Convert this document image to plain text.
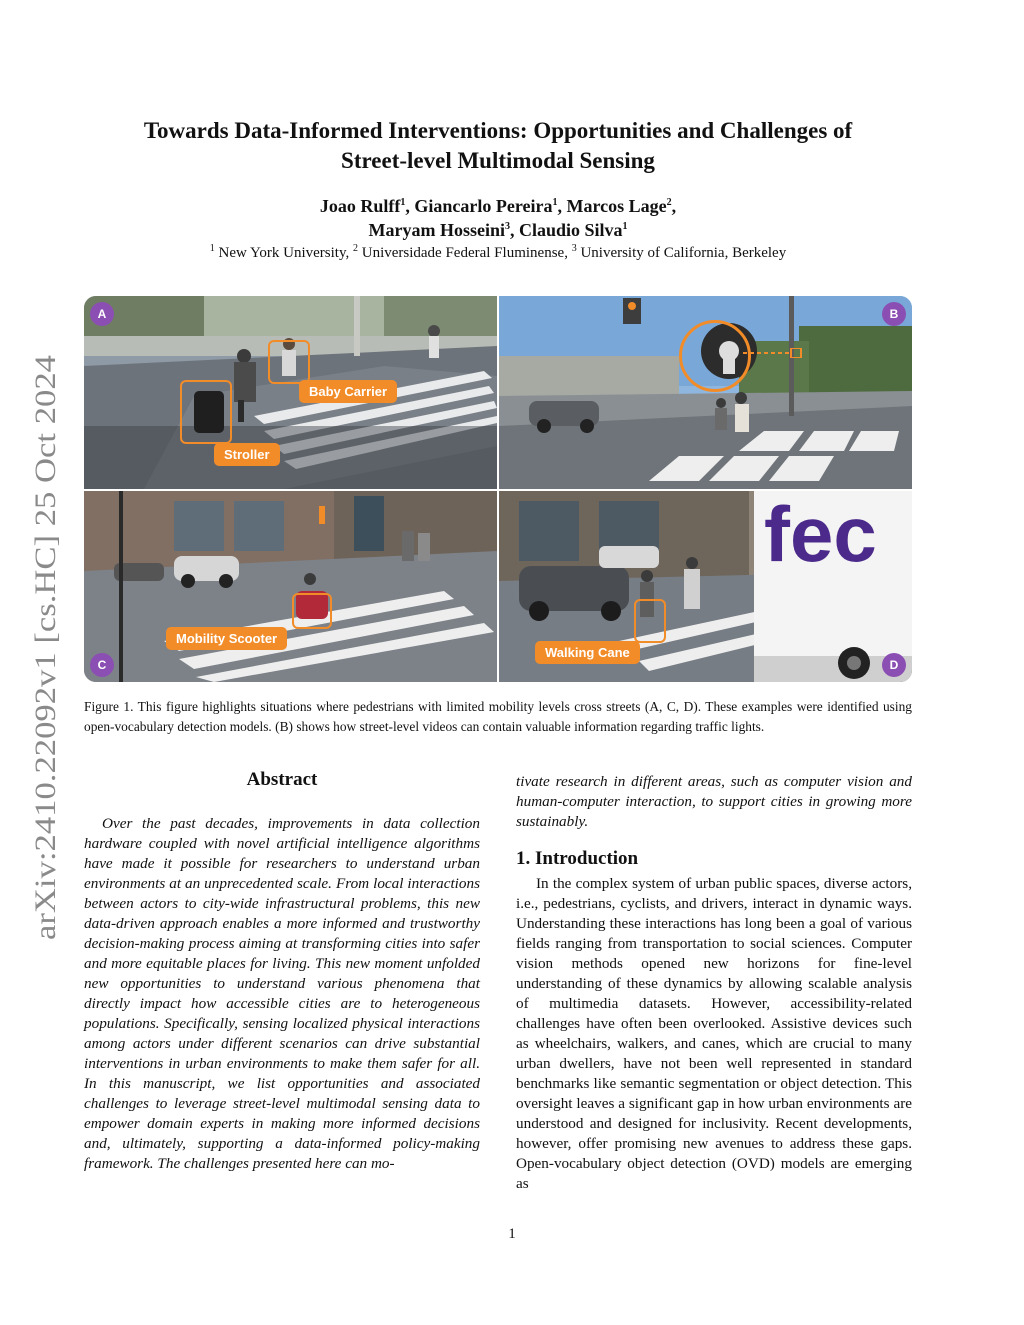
arXiv:2410.22092v1 [cs.HC] 25 Oct 2024
Towards Data-Informed Interventions: Opportunities and Challenges of
Street-level Multimodal Sensing
Joao Rulff$^1$, Giancarlo Pereira$^1$, Marcos Lage$^2$,
Maryam Hosseini$^3$, Claudio Silva$^1$
$^1$ New York University, $^2$ Universidade Federal Fluminense, $^3$ University of California, Berkeley
A
Baby Carrier
Stroller
B
Mobility Scooter
C
fec
Walking Cane
D

Figure 1. This figure highlights situations where pedestrians with limited mobility levels cross streets (A, C, D). These examples were identified using open-vocabulary detection models. (B) shows how street-level videos can contain valuable information regarding traffic lights.

Abstract

Over the past decades, improvements in data collection hardware coupled with novel artificial intelligence algorithms have made it possible for researchers to understand urban environments at an unprecedented scale. From local interactions between actors to city-wide infrastructural problems, this new data-driven approach enables a more informed and trustworthy decision-making process aiming at transforming cities into safer and more equitable places for living. This new moment unfolded new opportunities to understand various phenomena that directly impact how accessible cities are to heterogeneous populations. Specifically, sensing localized physical interactions among actors under different scenarios can drive substantial interventions in urban environments to make them safer for all. In this manuscript, we list opportunities and associated challenges to leverage street-level multimodal sensing data to empower domain experts in making more informed decisions and, ultimately, supporting a data-informed policy-making framework. The challenges presented here can mo-

tivate research in different areas, such as computer vision and human-computer interaction, to support cities in growing more sustainably.

1. Introduction

In the complex system of urban public spaces, diverse actors, i.e., pedestrians, cyclists, and drivers, interact in dynamic ways. Understanding these interactions has long been a goal of various fields ranging from transportation to social sciences. Computer vision methods opened new horizons for fine-level understanding of these dynamics by allowing scalable analysis of multimedia datasets. However, accessibility-related challenges have often been overlooked. Assistive devices such as wheelchairs, walkers, and canes, which are crucial to many urban dwellers, have not been well represented in standard benchmarks like semantic segmentation or object detection. This oversight leaves a significant gap in how urban environments are understood and designed for inclusivity. Recent developments, however, offer promising new avenues to address these gaps. Open-vocabulary object detection (OVD) models are emerging as

1
